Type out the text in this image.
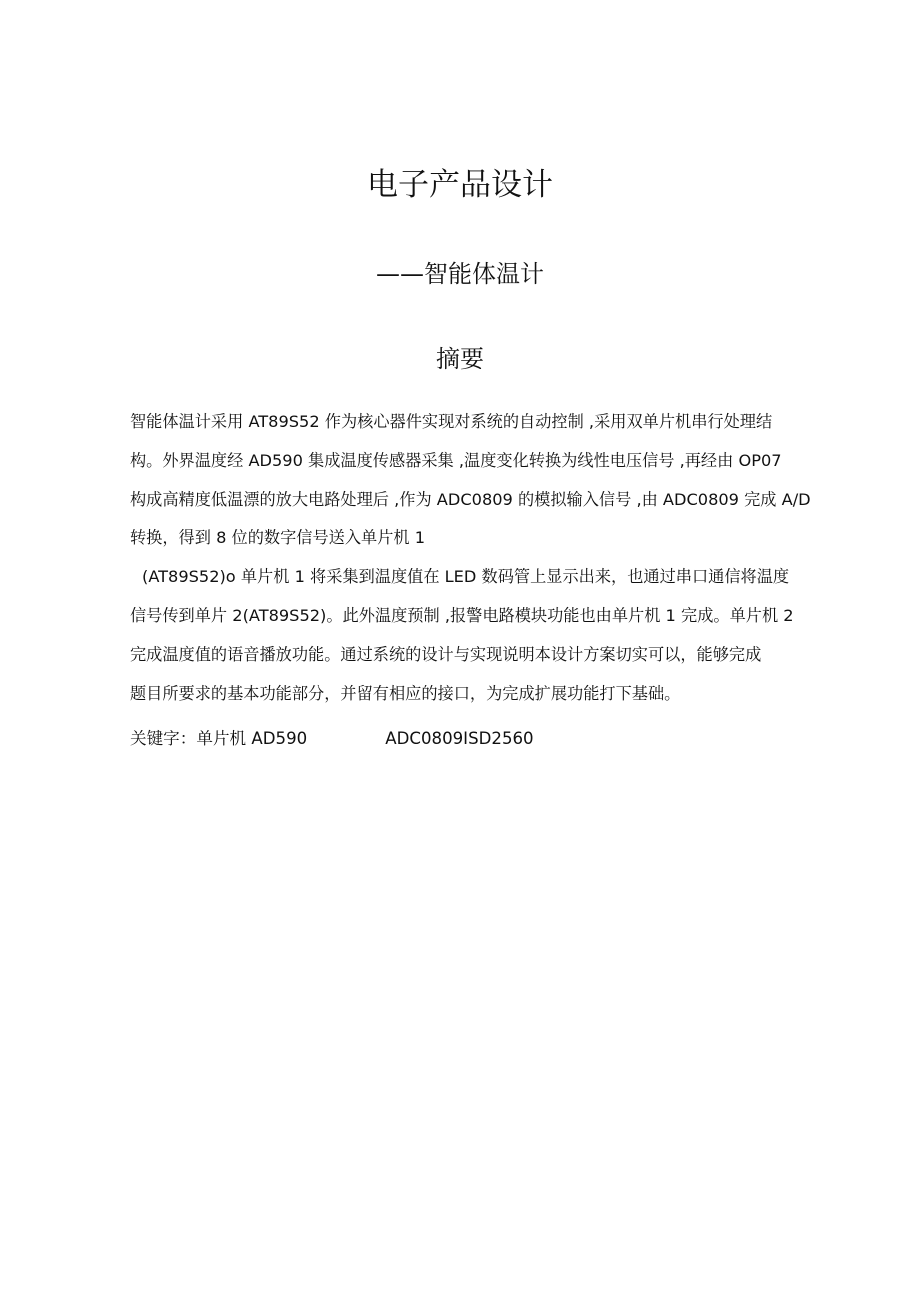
电子产品设计
——智能体温计
摘要
智能体温计采用 AT89S52 作为核心器件实现对系统的自动控制 ,采用双单片机串行处理结
构。外界温度经 AD590 集成温度传感器采集 ,温度变化转换为线性电压信号 ,再经由 OP07
构成高精度低温漂的放大电路处理后 ,作为 ADC0809 的模拟输入信号 ,由 ADC0809 完成 A/D
转换，得到 8 位的数字信号送入单片机 1
(AT89S52)o 单片机 1 将采集到温度值在 LED 数码管上显示出来，也通过串口通信将温度
信号传到单片 2(AT89S52)。此外温度预制 ,报警电路模块功能也由单片机 1 完成。单片机 2
完成温度值的语音播放功能。通过系统的设计与实现说明本设计方案切实可以，能够完成
题目所要求的基本功能部分，并留有相应的接口，为完成扩展功能打下基础。
关键字：单片机 AD590	ADC0809ISD2560
